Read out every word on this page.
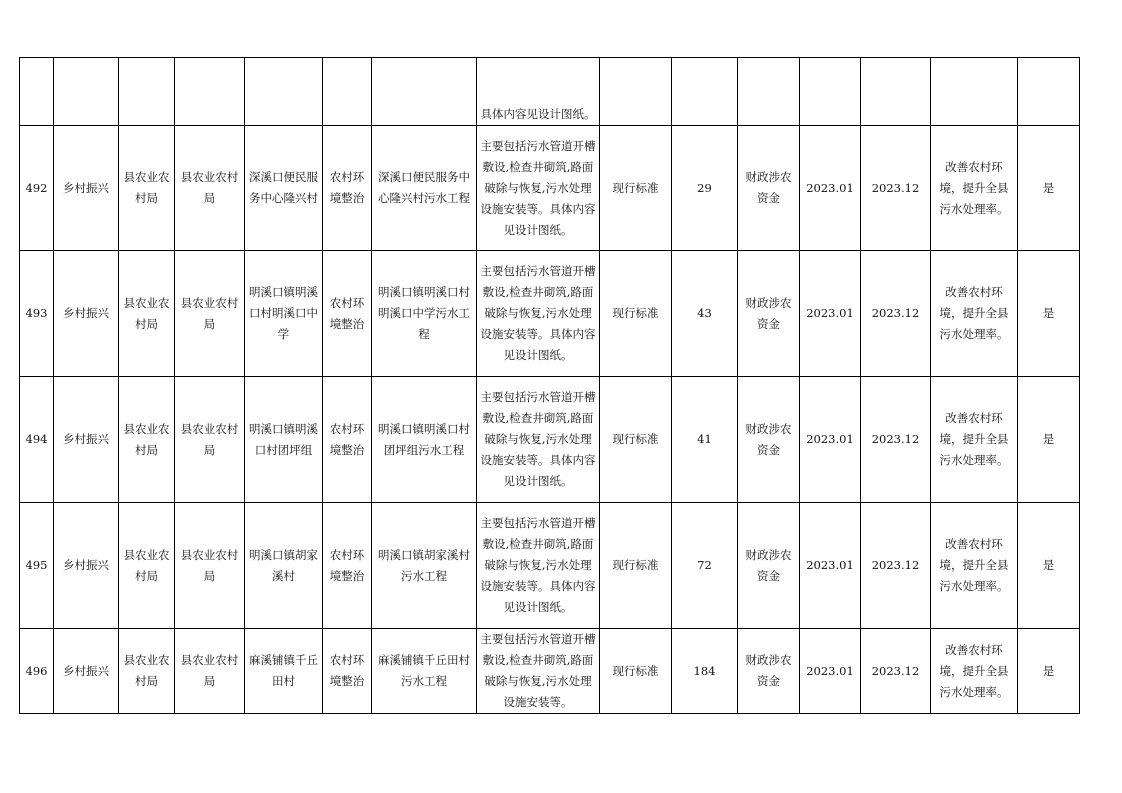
							具体内容见设计图纸。							
492	乡村振兴	县农业农村局	县农业农村局	深溪口便民服务中心隆兴村	农村环境整治	深溪口便民服务中心隆兴村污水工程	主要包括污水管道开槽敷设,检查井砌筑,路面破除与恢复,污水处理设施安装等。具体内容见设计图纸。	现行标准	29	财政涉农资金	2023.01	2023.12	改善农村环境，提升全县污水处理率。	是
493	乡村振兴	县农业农村局	县农业农村局	明溪口镇明溪口村明溪口中学	农村环境整治	明溪口镇明溪口村明溪口中学污水工程	主要包括污水管道开槽敷设,检查井砌筑,路面破除与恢复,污水处理设施安装等。具体内容见设计图纸。	现行标准	43	财政涉农资金	2023.01	2023.12	改善农村环境，提升全县污水处理率。	是
494	乡村振兴	县农业农村局	县农业农村局	明溪口镇明溪口村团坪组	农村环境整治	明溪口镇明溪口村团坪组污水工程	主要包括污水管道开槽敷设,检查井砌筑,路面破除与恢复,污水处理设施安装等。具体内容见设计图纸。	现行标准	41	财政涉农资金	2023.01	2023.12	改善农村环境，提升全县污水处理率。	是
495	乡村振兴	县农业农村局	县农业农村局	明溪口镇胡家溪村	农村环境整治	明溪口镇胡家溪村污水工程	主要包括污水管道开槽敷设,检查井砌筑,路面破除与恢复,污水处理设施安装等。具体内容见设计图纸。	现行标准	72	财政涉农资金	2023.01	2023.12	改善农村环境，提升全县污水处理率。	是
496	乡村振兴	县农业农村局	县农业农村局	麻溪铺镇千丘田村	农村环境整治	麻溪铺镇千丘田村污水工程	主要包括污水管道开槽敷设,检查井砌筑,路面破除与恢复,污水处理设施安装等。	现行标准	184	财政涉农资金	2023.01	2023.12	改善农村环境，提升全县污水处理率。	是
